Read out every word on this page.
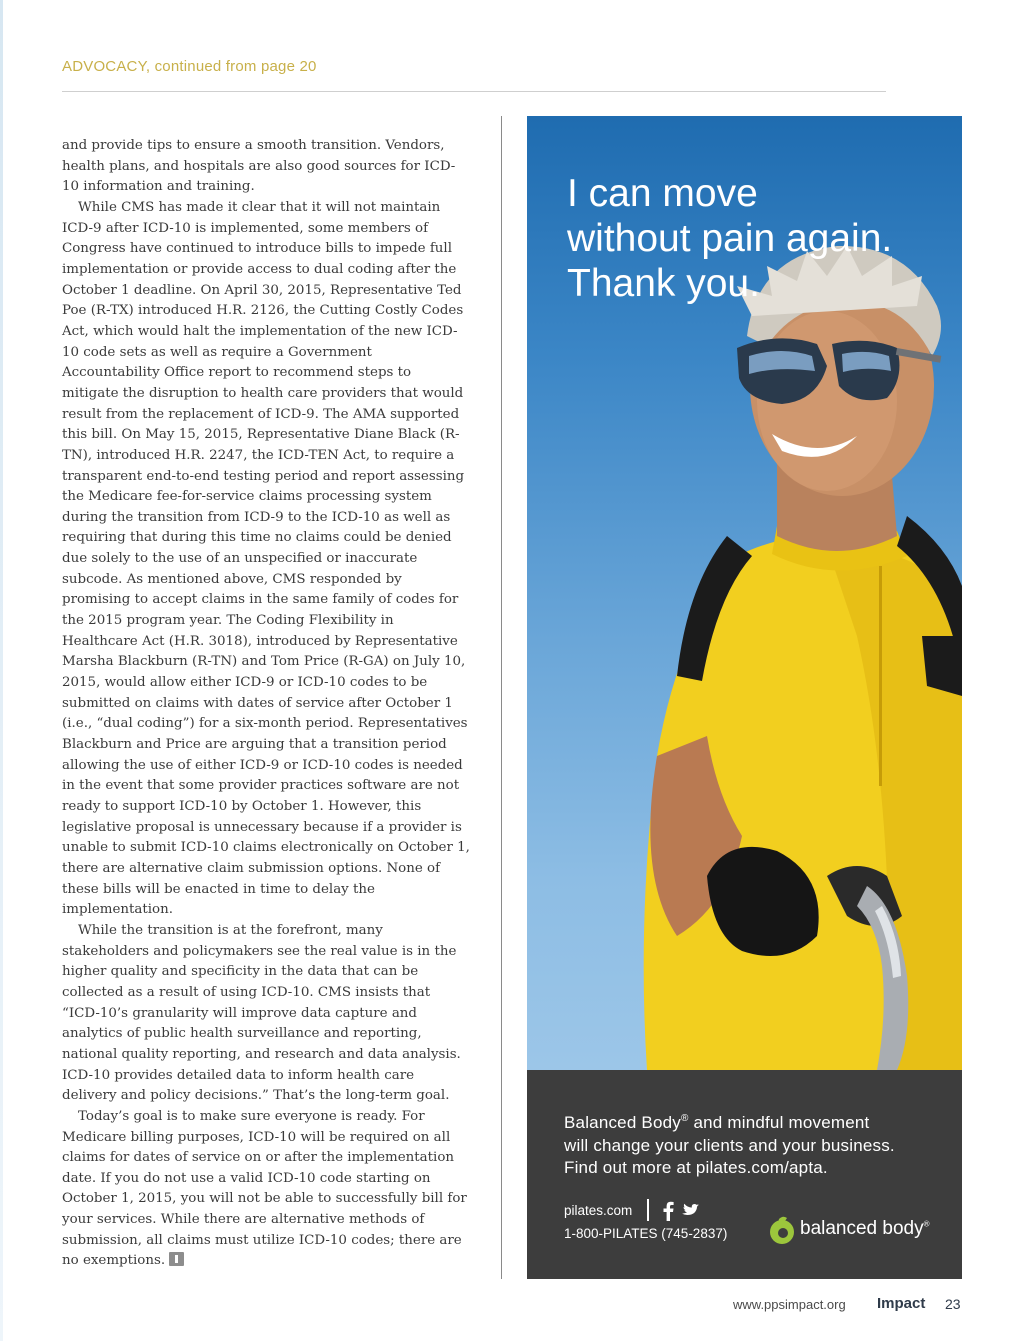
ADVOCACY, continued from page 20

and provide tips to ensure a smooth transition. Vendors, health plans, and hospitals are also good sources for ICD-10 information and training.

While CMS has made it clear that it will not maintain ICD-9 after ICD-10 is implemented, some members of Congress have continued to introduce bills to impede full implementation or provide access to dual coding after the October 1 deadline. On April 30, 2015, Representative Ted Poe (R-TX) introduced H.R. 2126, the Cutting Costly Codes Act, which would halt the implementation of the new ICD-10 code sets as well as require a Government Accountability Office report to recommend steps to mitigate the disruption to health care providers that would result from the replacement of ICD-9. The AMA supported this bill. On May 15, 2015, Representative Diane Black (R-TN), introduced H.R. 2247, the ICD-TEN Act, to require a transparent end-to-end testing period and report assessing the Medicare fee-for-service claims processing system during the transition from ICD-9 to the ICD-10 as well as requiring that during this time no claims could be denied due solely to the use of an unspecified or inaccurate subcode. As mentioned above, CMS responded by promising to accept claims in the same family of codes for the 2015 program year. The Coding Flexibility in Healthcare Act (H.R. 3018), introduced by Representative Marsha Blackburn (R-TN) and Tom Price (R-GA) on July 10, 2015, would allow either ICD-9 or ICD-10 codes to be submitted on claims with dates of service after October 1 (i.e., “dual coding”) for a six-month period. Representatives Blackburn and Price are arguing that a transition period allowing the use of either ICD-9 or ICD-10 codes is needed in the event that some provider practices software are not ready to support ICD-10 by October 1. However, this legislative proposal is unnecessary because if a provider is unable to submit ICD-10 claims electronically on October 1, there are alternative claim submission options. None of these bills will be enacted in time to delay the implementation.

While the transition is at the forefront, many stakeholders and policymakers see the real value is in the higher quality and specificity in the data that can be collected as a result of using ICD-10. CMS insists that “ICD-10’s granularity will improve data capture and analytics of public health surveillance and reporting, national quality reporting, and research and data analysis. ICD-10 provides detailed data to inform health care delivery and policy decisions.” That’s the long-term goal.

Today’s goal is to make sure everyone is ready. For Medicare billing purposes, ICD-10 will be required on all claims for dates of service on or after the implementation date. If you do not use a valid ICD-10 code starting on October 1, 2015, you will not be able to successfully bill for your services. While there are alternative methods of submission, all claims must utilize ICD-10 codes; there are no exemptions.

I can move
without pain again.
Thank you.
Balanced Body® and mindful movement
will change your clients and your business.
Find out more at pilates.com/apta.
pilates.com
1-800-PILATES (745-2837)	balanced body®
www.ppsimpact.org Impact 23
